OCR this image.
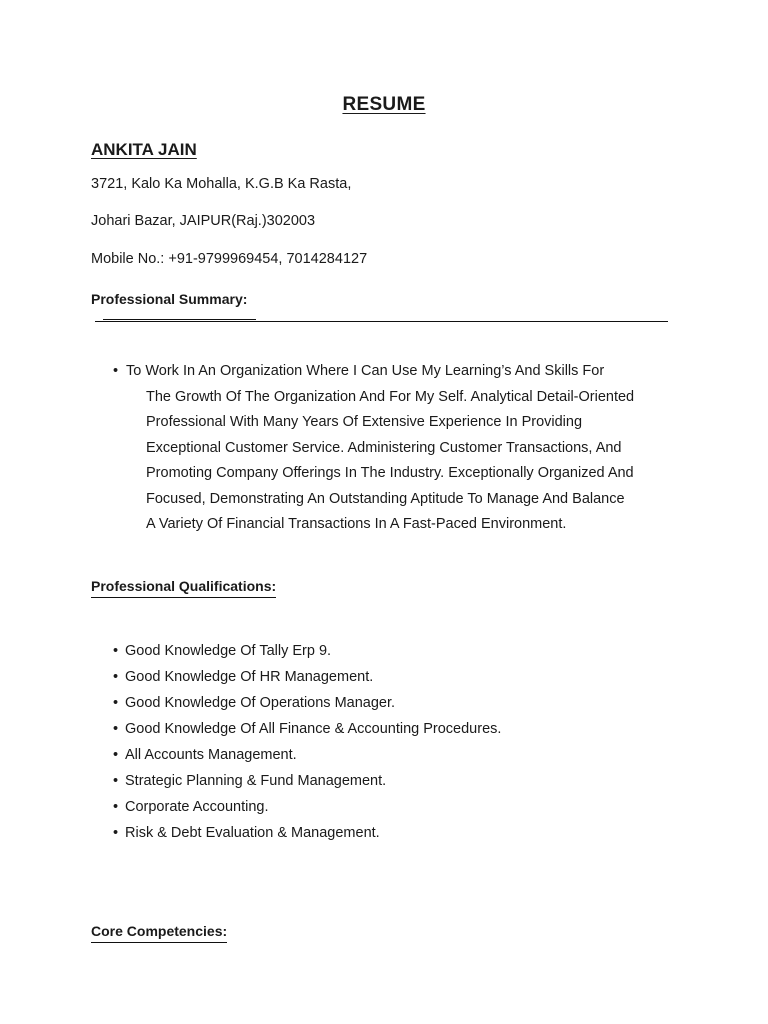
RESUME
ANKITA JAIN
3721, Kalo Ka Mohalla, K.G.B Ka Rasta,
Johari Bazar, JAIPUR(Raj.)302003
Mobile No.: +91-9799969454, 7014284127
Professional Summary:
• To Work In An Organization Where I Can Use My Learning’s And Skills For

The Growth Of The Organization And For My Self. Analytical Detail-Oriented

Professional With Many Years Of Extensive Experience In Providing

Exceptional Customer Service. Administering Customer Transactions, And

Promoting Company Offerings In The Industry. Exceptionally Organized And

Focused, Demonstrating An Outstanding Aptitude To Manage And Balance

A Variety Of Financial Transactions In A Fast-Paced Environment.

Professional Qualifications:
• Good Knowledge Of Tally Erp 9.
• Good Knowledge Of HR Management.
• Good Knowledge Of Operations Manager.
• Good Knowledge Of All Finance & Accounting Procedures.
• All Accounts Management.
• Strategic Planning & Fund Management.
• Corporate Accounting.
• Risk & Debt Evaluation & Management.
Core Competencies:
